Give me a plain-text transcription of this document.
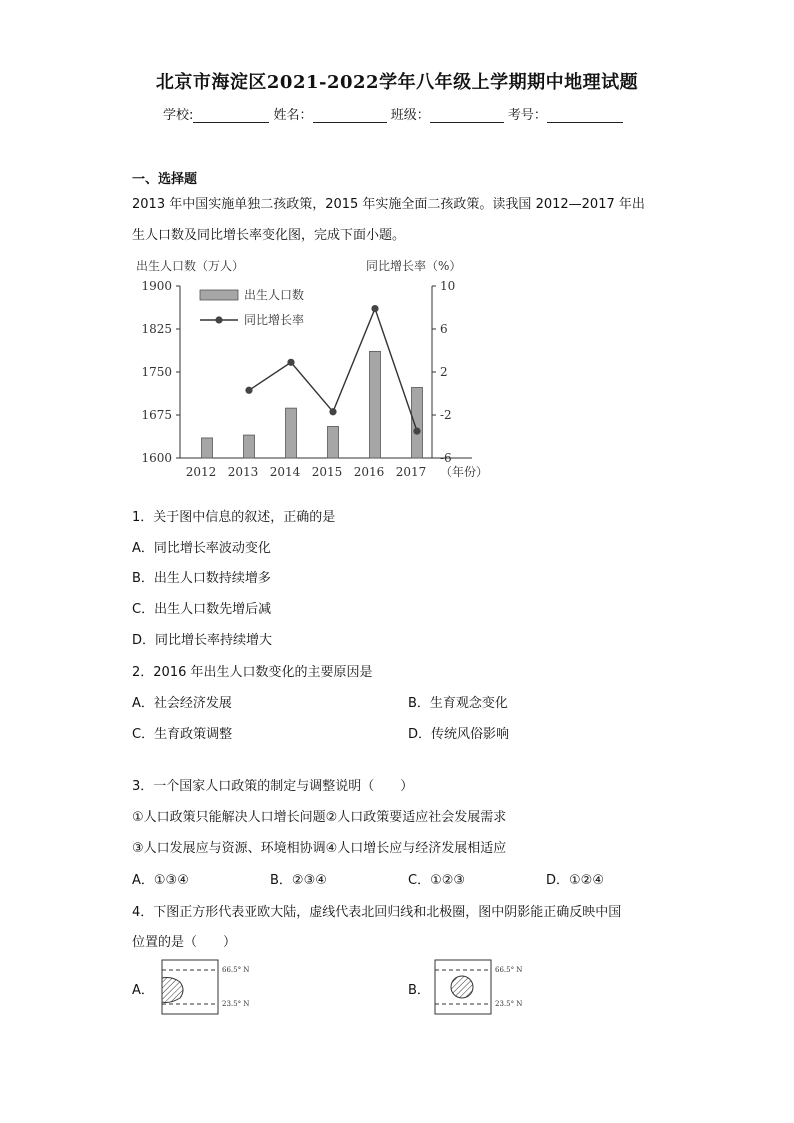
北京市海淀区2021-2022学年八年级上学期期中地理试题
学校:	姓名：	班级：	考号：
一、选择题
2013 年中国实施单独二孩政策，2015 年实施全面二孩政策。读我国 2012—2017 年出
生人口数及同比增长率变化图，完成下面小题。
出生人口数（万人）	同比增长率（%）
1900
1825
1750
1675
1600
10
6
2
-2
-6
2012 2013 2014 2015 2016 2017 （年份）
出生人口数
同比增长率
1．关于图中信息的叙述，正确的是
A．同比增长率波动变化
B．出生人口数持续增多
C．出生人口数先增后减
D．同比增长率持续增大
2．2016 年出生人口数变化的主要原因是
A．社会经济发展	B．生育观念变化
C．生育政策调整	D．传统风俗影响
3．一个国家人口政策的制定与调整说明（　　）
①人口政策只能解决人口增长问题②人口政策要适应社会发展需求
③人口发展应与资源、环境相协调④人口增长应与经济发展相适应
A．①③④	B．②③④	C．①②③	D．①②④
4．下图正方形代表亚欧大陆，虚线代表北回归线和北极圈，图中阴影能正确反映中国
位置的是（　　）
A．
66.5° N
23.5° N
B．
66.5° N
23.5° N
